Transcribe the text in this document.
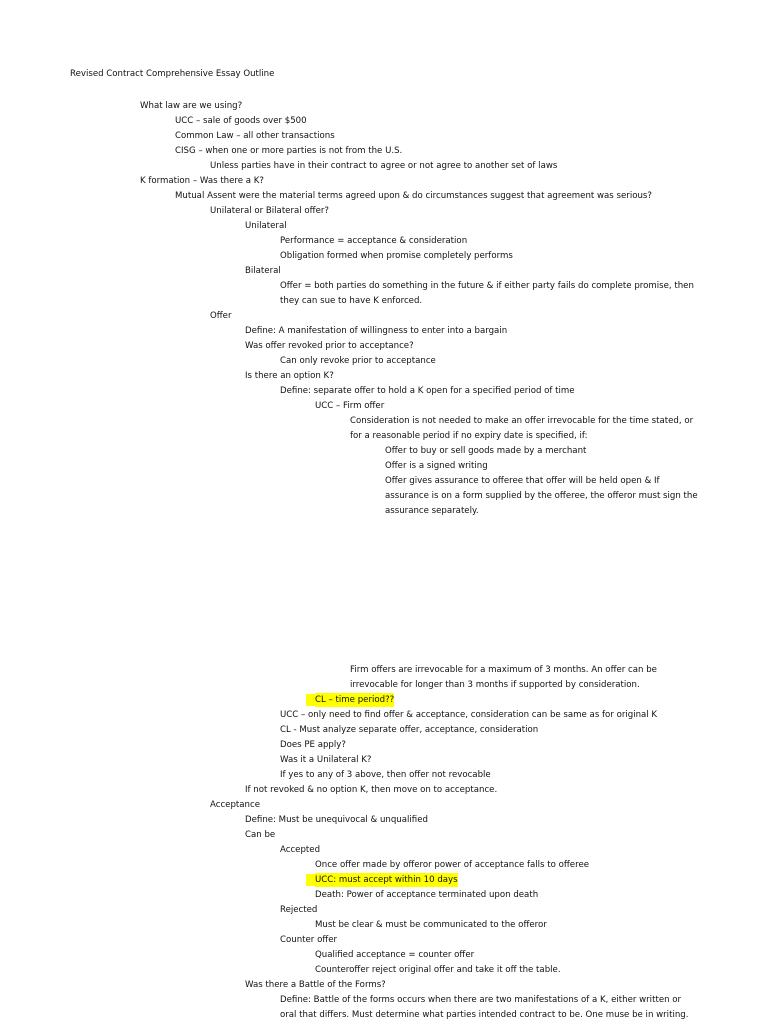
Revised Contract Comprehensive Essay Outline
What law are we using?
UCC – sale of goods over $500
Common Law – all other transactions
CISG – when one or more parties is not from the U.S.
Unless parties have in their contract to agree or not agree to another set of laws
K formation – Was there a K?
Mutual Assent were the material terms agreed upon & do circumstances suggest that agreement was serious?
Unilateral or Bilateral offer?
Unilateral
Performance = acceptance & consideration
Obligation formed when promise completely performs
Bilateral
Offer = both parties do something in the future & if either party fails do complete promise, then
they can sue to have K enforced.
Offer
Define: A manifestation of willingness to enter into a bargain
Was offer revoked prior to acceptance?
Can only revoke prior to acceptance
Is there an option K?
Define: separate offer to hold a K open for a specified period of time
UCC – Firm offer
Consideration is not needed to make an offer irrevocable for the time stated, or
for a reasonable period if no expiry date is specified, if:
Offer to buy or sell goods made by a merchant
Offer is a signed writing
Offer gives assurance to offeree that offer will be held open & If
assurance is on a form supplied by the offeree, the offeror must sign the
assurance separately.
Firm offers are irrevocable for a maximum of 3 months. An offer can be
irrevocable for longer than 3 months if supported by consideration.
CL – time period??
UCC – only need to find offer & acceptance, consideration can be same as for original K
CL - Must analyze separate offer, acceptance, consideration
Does PE apply?
Was it a Unilateral K?
If yes to any of 3 above, then offer not revocable
If not revoked & no option K, then move on to acceptance.
Acceptance
Define: Must be unequivocal & unqualified
Can be
Accepted
Once offer made by offeror power of acceptance falls to offeree
UCC: must accept within 10 days
Death: Power of acceptance terminated upon death
Rejected
Must be clear & must be communicated to the offeror
Counter offer
Qualified acceptance = counter offer
Counteroffer reject original offer and take it off the table.
Was there a Battle of the Forms?
Define: Battle of the forms occurs when there are two manifestations of a K, either written or
oral that differs. Must determine what parties intended contract to be. One muse be in writing.
